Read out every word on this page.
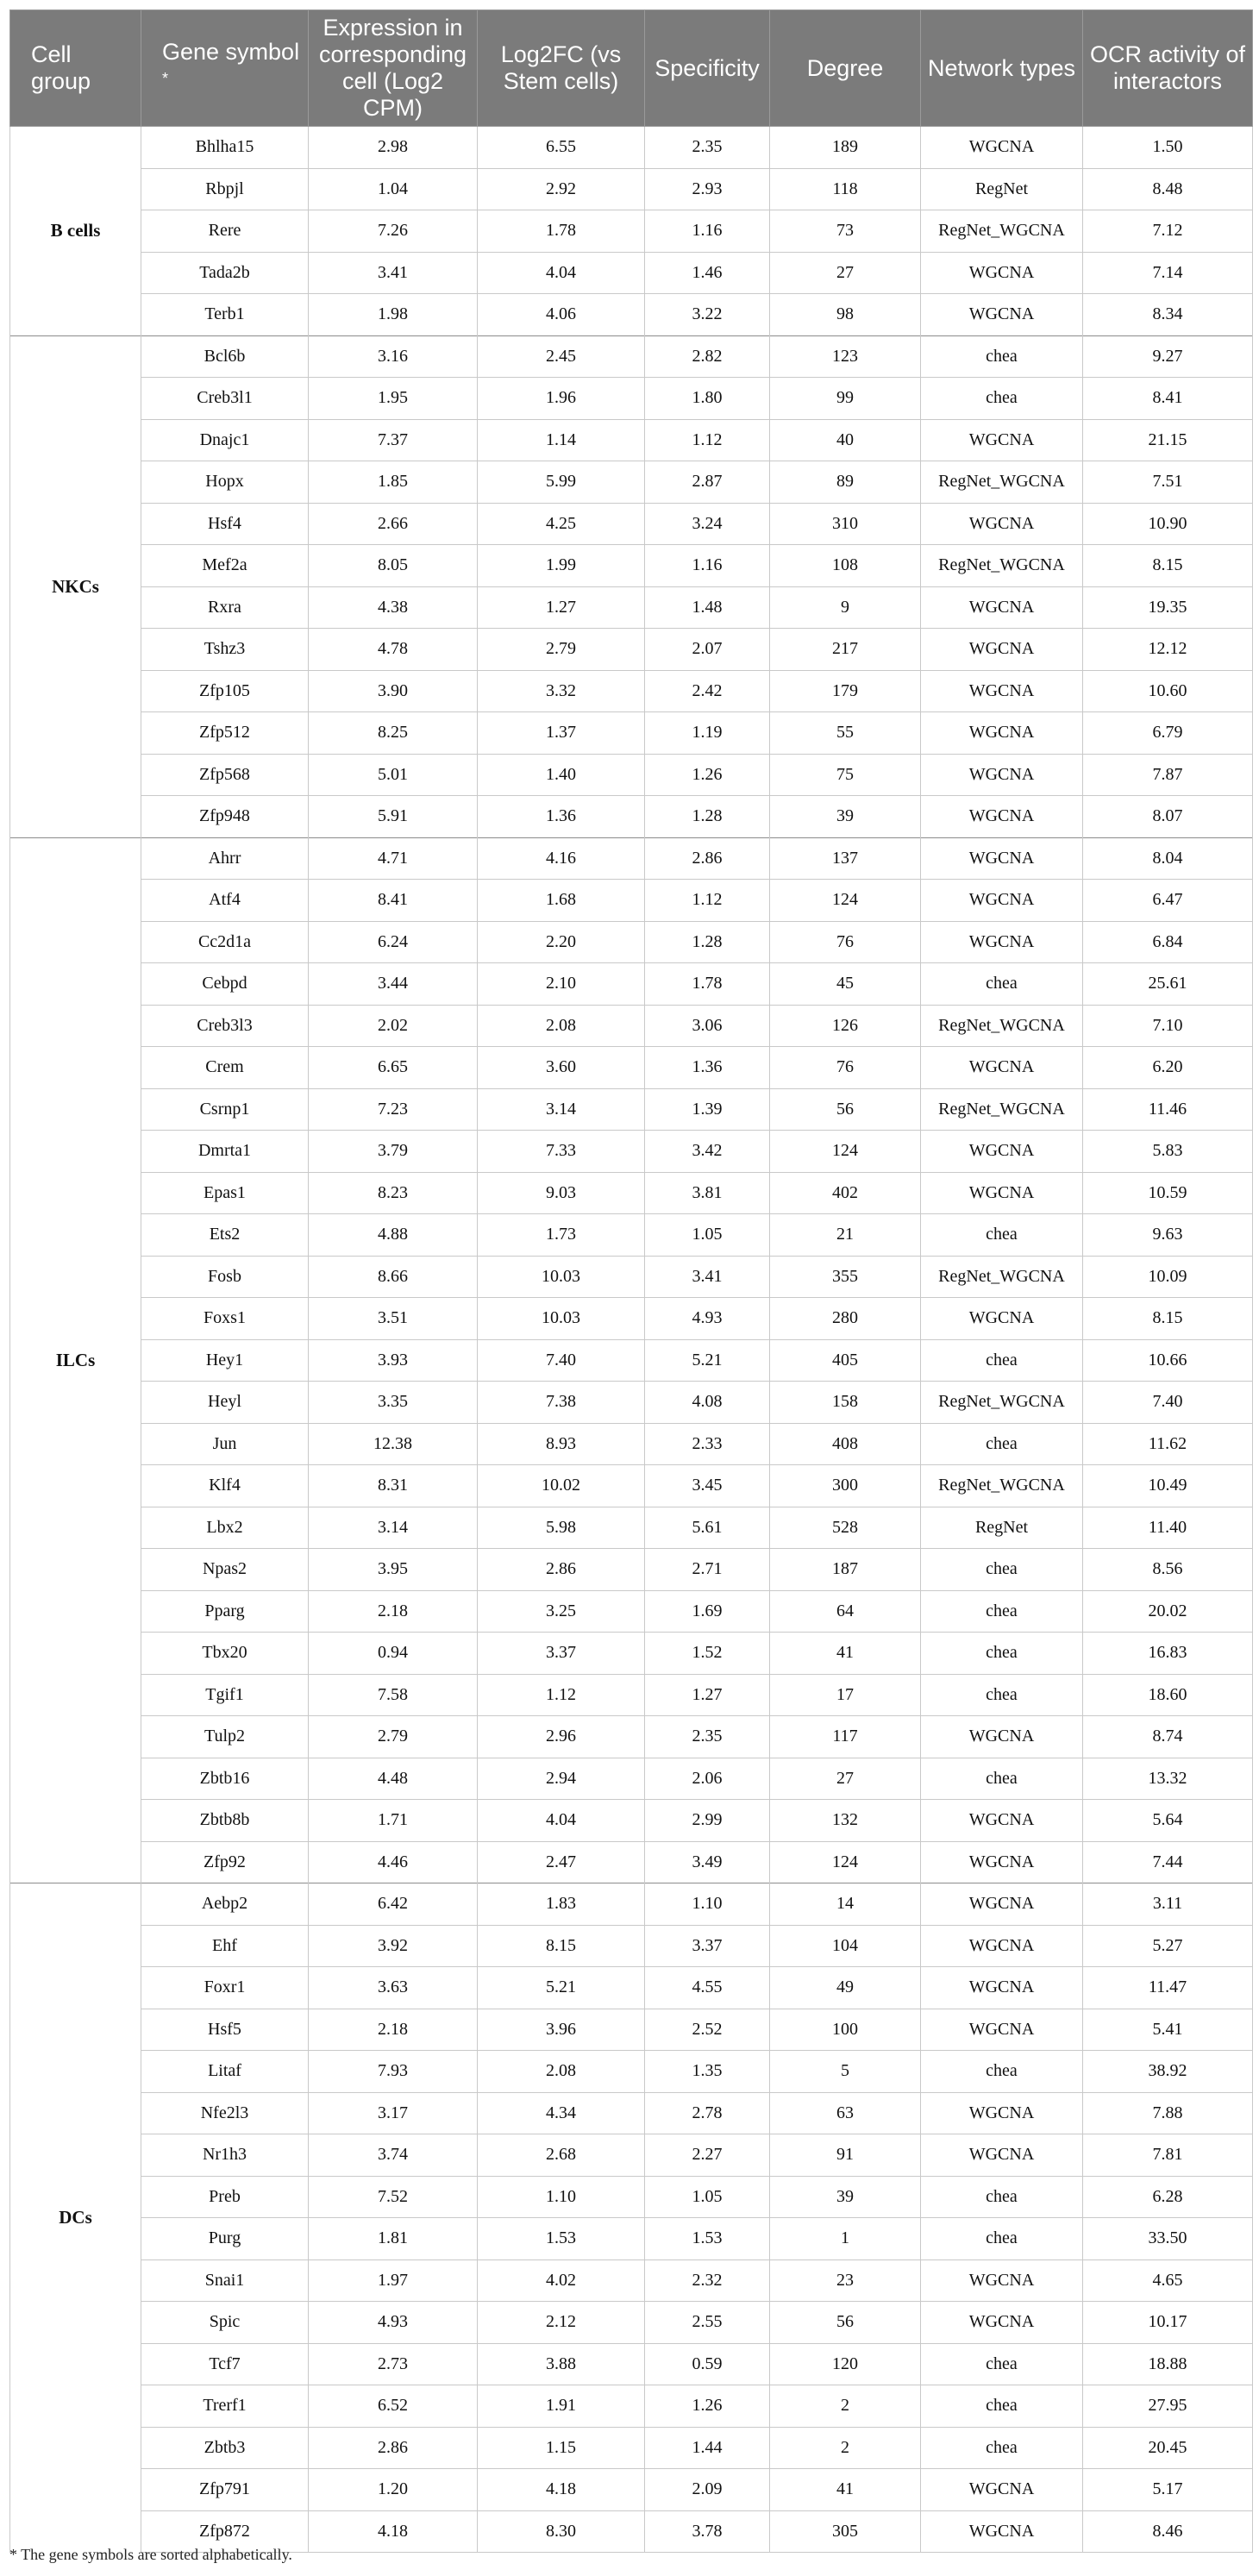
Cell group	Gene symbol *	Expression in corresponding cell (Log2 CPM)	Log2FC (vs Stem cells)	Specificity	Degree	Network types	OCR activity of interactors
B cells	Bhlha15	2.98	6.55	2.35	189	WGCNA	1.50
	Rbpjl	1.04	2.92	2.93	118	RegNet	8.48
	Rere	7.26	1.78	1.16	73	RegNet_WGCNA	7.12
	Tada2b	3.41	4.04	1.46	27	WGCNA	7.14
	Terb1	1.98	4.06	3.22	98	WGCNA	8.34
NKCs	Bcl6b	3.16	2.45	2.82	123	chea	9.27
	Creb3l1	1.95	1.96	1.80	99	chea	8.41
	Dnajc1	7.37	1.14	1.12	40	WGCNA	21.15
	Hopx	1.85	5.99	2.87	89	RegNet_WGCNA	7.51
	Hsf4	2.66	4.25	3.24	310	WGCNA	10.90
	Mef2a	8.05	1.99	1.16	108	RegNet_WGCNA	8.15
	Rxra	4.38	1.27	1.48	9	WGCNA	19.35
	Tshz3	4.78	2.79	2.07	217	WGCNA	12.12
	Zfp105	3.90	3.32	2.42	179	WGCNA	10.60
	Zfp512	8.25	1.37	1.19	55	WGCNA	6.79
	Zfp568	5.01	1.40	1.26	75	WGCNA	7.87
	Zfp948	5.91	1.36	1.28	39	WGCNA	8.07
ILCs	Ahrr	4.71	4.16	2.86	137	WGCNA	8.04
	Atf4	8.41	1.68	1.12	124	WGCNA	6.47
	Cc2d1a	6.24	2.20	1.28	76	WGCNA	6.84
	Cebpd	3.44	2.10	1.78	45	chea	25.61
	Creb3l3	2.02	2.08	3.06	126	RegNet_WGCNA	7.10
	Crem	6.65	3.60	1.36	76	WGCNA	6.20
	Csrnp1	7.23	3.14	1.39	56	RegNet_WGCNA	11.46
	Dmrta1	3.79	7.33	3.42	124	WGCNA	5.83
	Epas1	8.23	9.03	3.81	402	WGCNA	10.59
	Ets2	4.88	1.73	1.05	21	chea	9.63
	Fosb	8.66	10.03	3.41	355	RegNet_WGCNA	10.09
	Foxs1	3.51	10.03	4.93	280	WGCNA	8.15
	Hey1	3.93	7.40	5.21	405	chea	10.66
	Heyl	3.35	7.38	4.08	158	RegNet_WGCNA	7.40
	Jun	12.38	8.93	2.33	408	chea	11.62
	Klf4	8.31	10.02	3.45	300	RegNet_WGCNA	10.49
	Lbx2	3.14	5.98	5.61	528	RegNet	11.40
	Npas2	3.95	2.86	2.71	187	chea	8.56
	Pparg	2.18	3.25	1.69	64	chea	20.02
	Tbx20	0.94	3.37	1.52	41	chea	16.83
	Tgif1	7.58	1.12	1.27	17	chea	18.60
	Tulp2	2.79	2.96	2.35	117	WGCNA	8.74
	Zbtb16	4.48	2.94	2.06	27	chea	13.32
	Zbtb8b	1.71	4.04	2.99	132	WGCNA	5.64
	Zfp92	4.46	2.47	3.49	124	WGCNA	7.44
DCs	Aebp2	6.42	1.83	1.10	14	WGCNA	3.11
	Ehf	3.92	8.15	3.37	104	WGCNA	5.27
	Foxr1	3.63	5.21	4.55	49	WGCNA	11.47
	Hsf5	2.18	3.96	2.52	100	WGCNA	5.41
	Litaf	7.93	2.08	1.35	5	chea	38.92
	Nfe2l3	3.17	4.34	2.78	63	WGCNA	7.88
	Nr1h3	3.74	2.68	2.27	91	WGCNA	7.81
	Preb	7.52	1.10	1.05	39	chea	6.28
	Purg	1.81	1.53	1.53	1	chea	33.50
	Snai1	1.97	4.02	2.32	23	WGCNA	4.65
	Spic	4.93	2.12	2.55	56	WGCNA	10.17
	Tcf7	2.73	3.88	0.59	120	chea	18.88
	Trerf1	6.52	1.91	1.26	2	chea	27.95
	Zbtb3	2.86	1.15	1.44	2	chea	20.45
	Zfp791	1.20	4.18	2.09	41	WGCNA	5.17
	Zfp872	4.18	8.30	3.78	305	WGCNA	8.46
* The gene symbols are sorted alphabetically.
